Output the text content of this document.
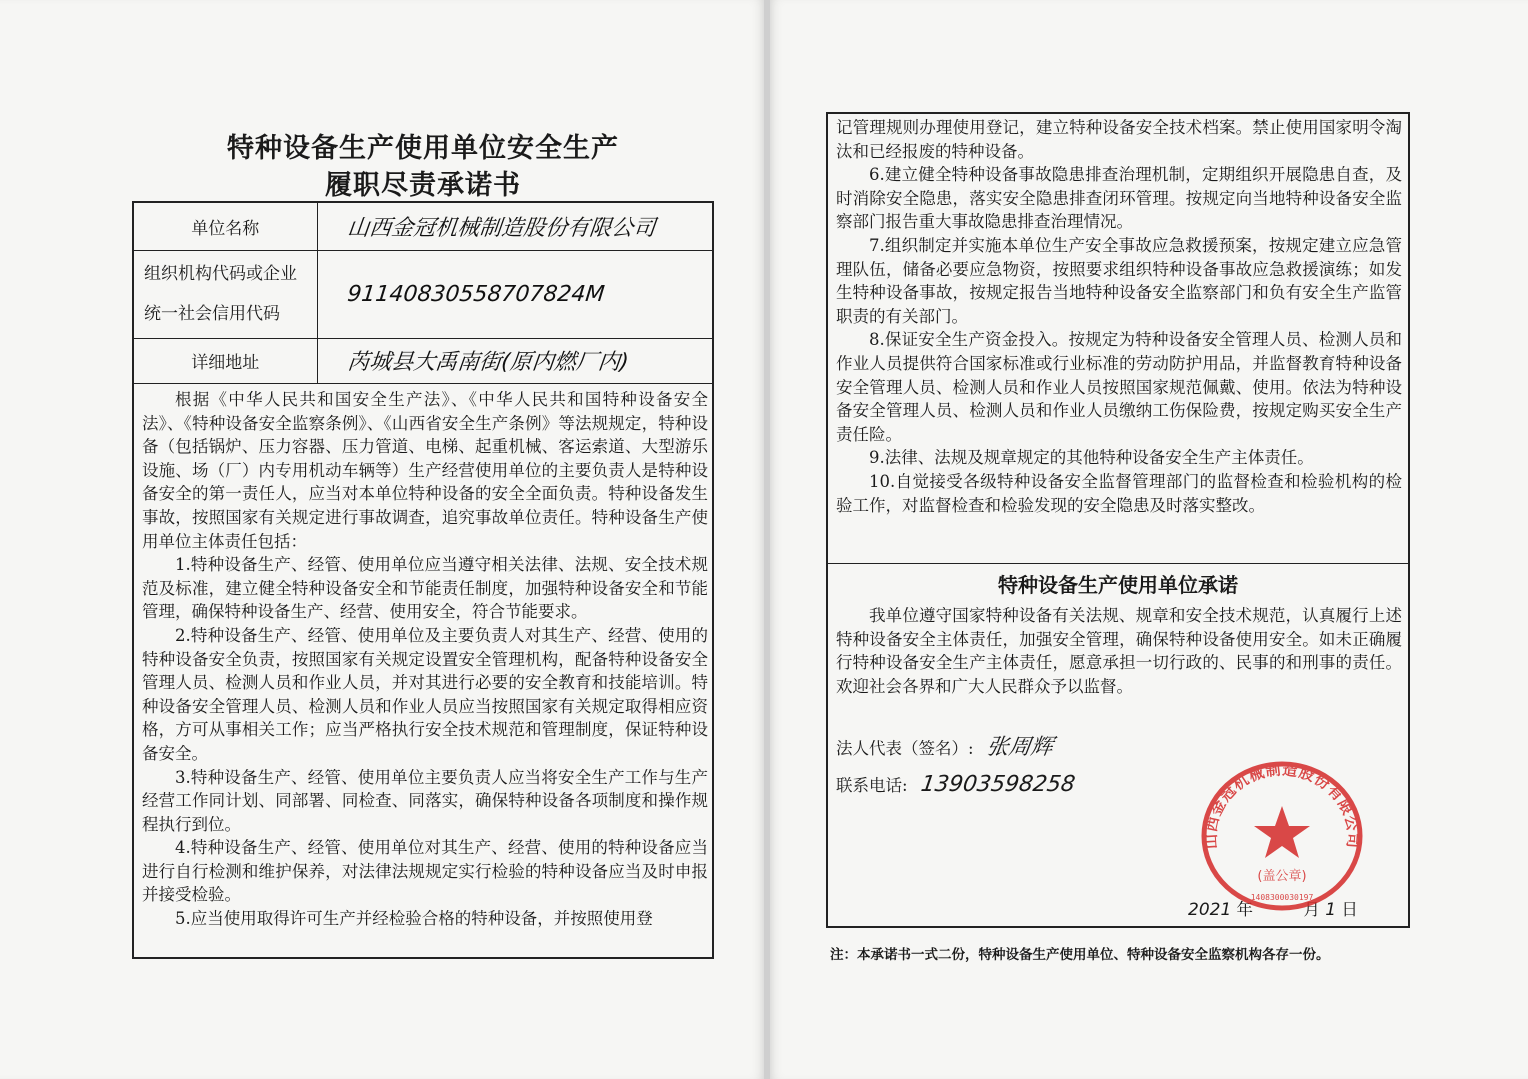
特种设备生产使用单位安全生产
履职尽责承诺书
单位名称	山西金冠机械制造股份有限公司

组织机构代码或企业
统一社会信用代码	91140830558707824M
详细地址	芮城县大禹南街(原内燃厂内)

根据《中华人民共和国安全生产法》、《中华人民共和国特种设备安全法》、《特种设备安全监察条例》、《山西省安全生产条例》等法规规定，特种设备（包括锅炉、压力容器、压力管道、电梯、起重机械、客运索道、大型游乐设施、场（厂）内专用机动车辆等）生产经营使用单位的主要负责人是特种设备安全的第一责任人，应当对本单位特种设备的安全全面负责。特种设备发生事故，按照国家有关规定进行事故调查，追究事故单位责任。特种设备生产使用单位主体责任包括：

1.特种设备生产、经管、使用单位应当遵守相关法律、法规、安全技术规范及标准，建立健全特种设备安全和节能责任制度，加强特种设备安全和节能管理，确保特种设备生产、经营、使用安全，符合节能要求。

2.特种设备生产、经管、使用单位及主要负责人对其生产、经营、使用的特种设备安全负责，按照国家有关规定设置安全管理机构，配备特种设备安全管理人员、检测人员和作业人员，并对其进行必要的安全教育和技能培训。特种设备安全管理人员、检测人员和作业人员应当按照国家有关规定取得相应资格，方可从事相关工作；应当严格执行安全技术规范和管理制度，保证特种设备安全。

3.特种设备生产、经管、使用单位主要负责人应当将安全生产工作与生产经营工作同计划、同部署、同检查、同落实，确保特种设备各项制度和操作规程执行到位。

4.特种设备生产、经管、使用单位对其生产、经营、使用的特种设备应当进行自行检测和维护保养，对法律法规规定实行检验的特种设备应当及时申报并接受检验。

5.应当使用取得许可生产并经检验合格的特种设备，并按照使用登

记管理规则办理使用登记，建立特种设备安全技术档案。禁止使用国家明令淘汰和已经报废的特种设备。

6.建立健全特种设备事故隐患排查治理机制，定期组织开展隐患自查，及时消除安全隐患，落实安全隐患排查闭环管理。按规定向当地特种设备安全监察部门报告重大事故隐患排查治理情况。

7.组织制定并实施本单位生产安全事故应急救援预案，按规定建立应急管理队伍，储备必要应急物资，按照要求组织特种设备事故应急救援演练；如发生特种设备事故，按规定报告当地特种设备安全监察部门和负有安全生产监管职责的有关部门。

8.保证安全生产资金投入。按规定为特种设备安全管理人员、检测人员和作业人员提供符合国家标准或行业标准的劳动防护用品，并监督教育特种设备安全管理人员、检测人员和作业人员按照国家规范佩戴、使用。依法为特种设备安全管理人员、检测人员和作业人员缴纳工伤保险费，按规定购买安全生产责任险。

9.法律、法规及规章规定的其他特种设备安全生产主体责任。

10.自觉接受各级特种设备安全监督管理部门的监督检查和检验机构的检验工作，对监督检查和检验发现的安全隐患及时落实整改。

特种设备生产使用单位承诺

我单位遵守国家特种设备有关法规、规章和安全技术规范，认真履行上述特种设备安全主体责任，加强安全管理，确保特种设备使用安全。如未正确履行特种设备安全生产主体责任，愿意承担一切行政的、民事的和刑事的责任。欢迎社会各界和广大人民群众予以监督。

法人代表（签名）: 张周辉
联系电话: 13903598258
2021 年	月 1 日
山西金冠机械制造股份有限公司
(盖公章)
1408300030197
注：本承诺书一式二份，特种设备生产使用单位、特种设备安全监察机构各存一份。
